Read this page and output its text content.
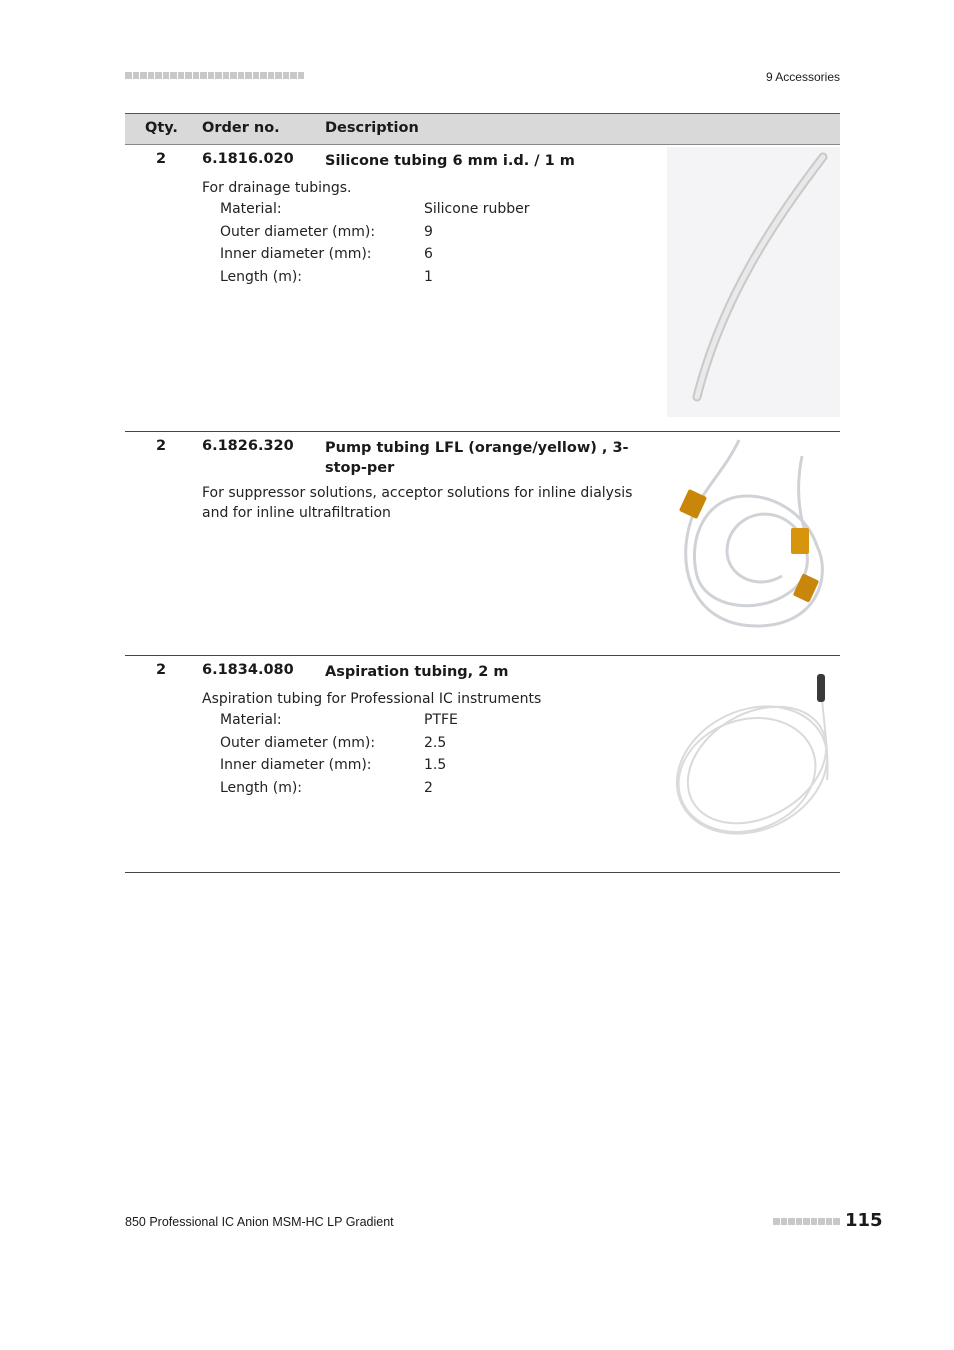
9 Accessories
Qty. Order no.	Description
2 6.1816.020 Silicone tubing 6 mm i.d. / 1 m
For drainage tubings.
Material:	Silicone rubber
Outer diameter (mm):	9
Inner diameter (mm):	6
Length (m):	1
2 6.1826.320 Pump tubing LFL (orange/yellow) , 3-stop-per
For suppressor solutions, acceptor solutions for inline dialysis and for inline ultrafiltration
2 6.1834.080 Aspiration tubing, 2 m
Aspiration tubing for Professional IC instruments
Material:	PTFE
Outer diameter (mm):	2.5
Inner diameter (mm):	1.5
Length (m):	2
850 Professional IC Anion MSM-HC LP Gradient	115
